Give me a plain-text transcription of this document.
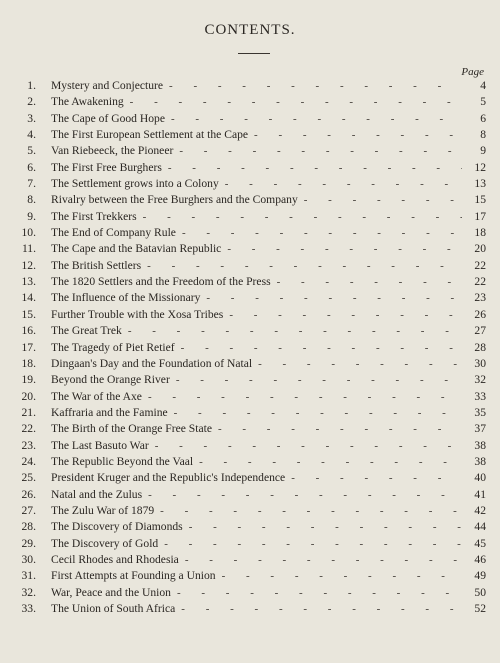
CONTENTS.
Page
1. Mystery and Conjecture - - -	4
2. The Awakening - - -	5
3. The Cape of Good Hope - - -	6
4. The First European Settlement at the Cape - - -	8
5. Van Riebeeck, the Pioneer - - -	9
6. The First Free Burghers - - -	12
7. The Settlement grows into a Colony - - -	13
8. Rivalry between the Free Burghers and the Company - - -	15
9. The First Trekkers - - -	17
10. The End of Company Rule - - -	18
11. The Cape and the Batavian Republic - - -	20
12. The British Settlers - - -	22
13. The 1820 Settlers and the Freedom of the Press - - -	22
14. The Influence of the Missionary - - -	23
15. Further Trouble with the Xosa Tribes - - -	26
16. The Great Trek - - -	27
17. The Tragedy of Piet Retief - - -	28
18. Dingaan's Day and the Foundation of Natal - - -	30
19. Beyond the Orange River - - -	32
20. The War of the Axe - - -	33
21. Kaffraria and the Famine - - -	35
22. The Birth of the Orange Free State - - -	37
23. The Last Basuto War - - -	38
24. The Republic Beyond the Vaal - - -	38
25. President Kruger and the Republic's Independence - - -	40
26. Natal and the Zulus - - -	41
27. The Zulu War of 1879 - - -	42
28. The Discovery of Diamonds - - -	44
29. The Discovery of Gold - - -	45
30. Cecil Rhodes and Rhodesia - - -	46
31. First Attempts at Founding a Union - - -	49
32. War, Peace and the Union - - -	50
33. The Union of South Africa - - -	52
